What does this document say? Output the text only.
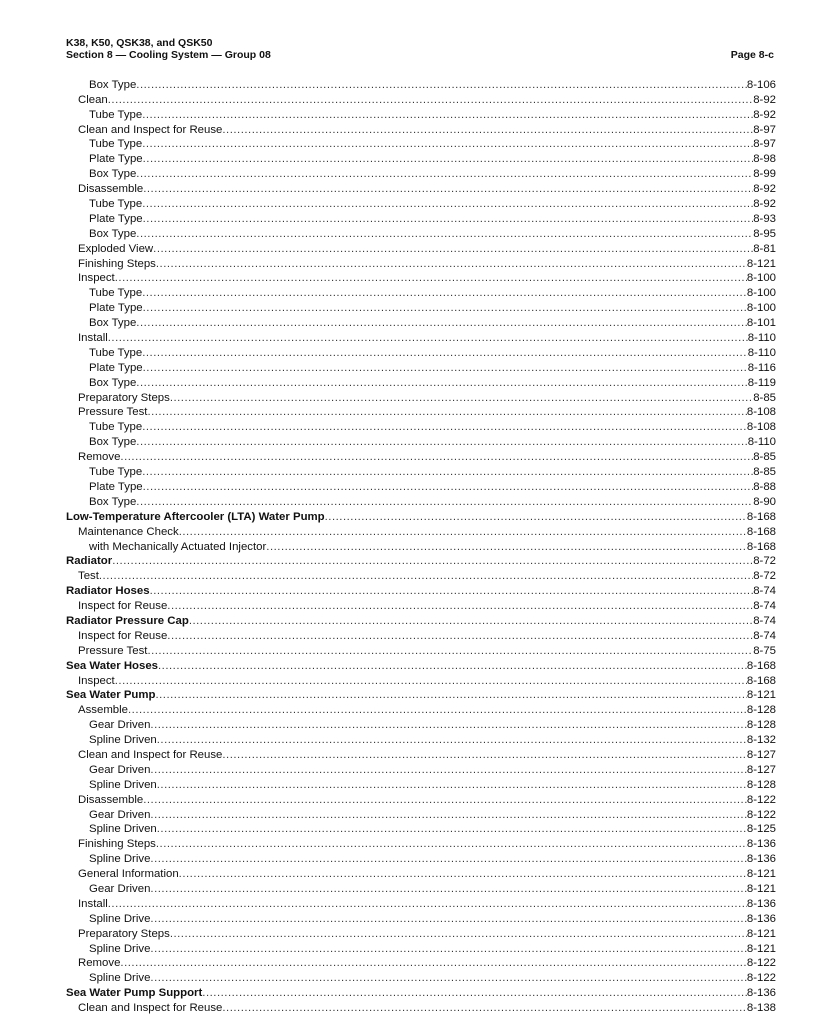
K38, K50, QSK38, and QSK50
Section 8 — Cooling System — Group 08	Page 8-c
Box Type .....	8-106
Clean .....	8-92
Tube Type .....	8-92
Clean and Inspect for Reuse .....	8-97
Tube Type .....	8-97
Plate Type .....	8-98
Box Type .....	8-99
Disassemble .....	8-92
Tube Type .....	8-92
Plate Type .....	8-93
Box Type .....	8-95
Exploded View .....	8-81
Finishing Steps .....	8-121
Inspect .....	8-100
Tube Type .....	8-100
Plate Type .....	8-100
Box Type .....	8-101
Install .....	8-110
Tube Type .....	8-110
Plate Type .....	8-116
Box Type .....	8-119
Preparatory Steps .....	8-85
Pressure Test .....	8-108
Tube Type .....	8-108
Box Type .....	8-110
Remove .....	8-85
Tube Type .....	8-85
Plate Type .....	8-88
Box Type .....	8-90
Low-Temperature Aftercooler (LTA) Water Pump .....	8-168
Maintenance Check .....	8-168
with Mechanically Actuated Injector .....	8-168
Radiator .....	8-72
Test .....	8-72
Radiator Hoses .....	8-74
Inspect for Reuse .....	8-74
Radiator Pressure Cap .....	8-74
Inspect for Reuse .....	8-74
Pressure Test .....	8-75
Sea Water Hoses .....	8-168
Inspect .....	8-168
Sea Water Pump .....	8-121
Assemble .....	8-128
Gear Driven .....	8-128
Spline Driven .....	8-132
Clean and Inspect for Reuse .....	8-127
Gear Driven .....	8-127
Spline Driven .....	8-128
Disassemble .....	8-122
Gear Driven .....	8-122
Spline Driven .....	8-125
Finishing Steps .....	8-136
Spline Drive .....	8-136
General Information .....	8-121
Gear Driven .....	8-121
Install .....	8-136
Spline Drive .....	8-136
Preparatory Steps .....	8-121
Spline Drive .....	8-121
Remove .....	8-122
Spline Drive .....	8-122
Sea Water Pump Support .....	8-136
Clean and Inspect for Reuse .....	8-138
